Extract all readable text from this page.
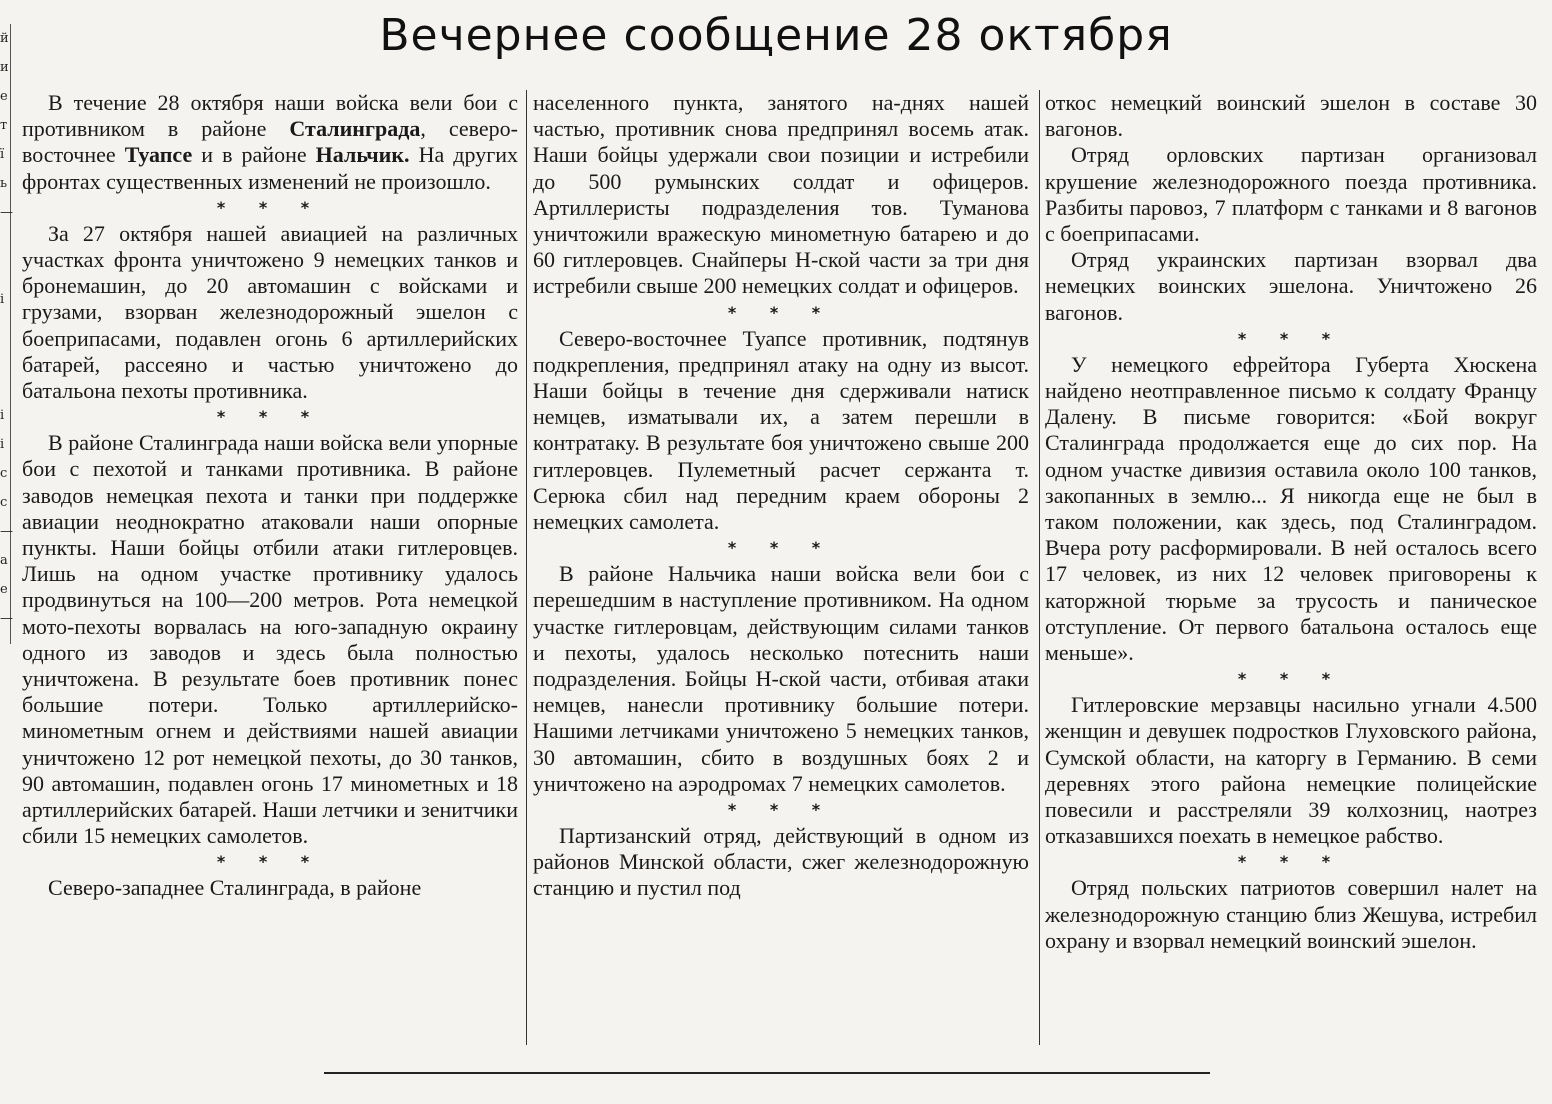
й
и
е
т
ї
ь
—

і

і
і
с
с
—
а
е
—
Вечернее сообщение 28 октября

В течение 28 октября наши войска вели бои с противником в районе Сталинграда, северо-восточнее Туапсе и в районе Нальчик. На других фронтах существенных изменений не произошло.

* * *

За 27 октября нашей авиацией на различных участках фронта уничтожено 9 немецких танков и бронемашин, до 20 автомашин с войсками и грузами, взорван железнодорожный эшелон с боеприпасами, подавлен огонь 6 артиллерийских батарей, рассеяно и частью уничтожено до батальона пехоты противника.

* * *

В районе Сталинграда наши войска вели упорные бои с пехотой и танками противника. В районе заводов немецкая пехота и танки при поддержке авиации неоднократно атаковали наши опорные пункты. Наши бойцы отбили атаки гитлеровцев. Лишь на одном участке противнику удалось продвинуться на 100—200 метров. Рота немецкой мото-пехоты ворвалась на юго-западную окраину одного из заводов и здесь была полностью уничтожена. В результате боев противник понес большие потери. Только артиллерийско-минометным огнем и действиями нашей авиации уничтожено 12 рот немецкой пехоты, до 30 танков, 90 автомашин, подавлен огонь 17 минометных и 18 артиллерийских батарей. Наши летчики и зенитчики сбили 15 немецких самолетов.

* * *

Северо-западнее Сталинграда, в районе

населенного пункта, занятого на-днях нашей частью, противник снова предпринял восемь атак. Наши бойцы удержали свои позиции и истребили до 500 румынских солдат и офицеров. Артиллеристы подразделения тов. Туманова уничтожили вражескую минометную батарею и до 60 гитлеровцев. Снайперы Н-ской части за три дня истребили свыше 200 немецких солдат и офицеров.

* * *

Северо-восточнее Туапсе противник, подтянув подкрепления, предпринял атаку на одну из высот. Наши бойцы в течение дня сдерживали натиск немцев, изматывали их, а затем перешли в контратаку. В результате боя уничтожено свыше 200 гитлеровцев. Пулеметный расчет сержанта т. Серюка сбил над передним краем обороны 2 немецких самолета.

* * *

В районе Нальчика наши войска вели бои с перешедшим в наступление противником. На одном участке гитлеровцам, действующим силами танков и пехоты, удалось несколько потеснить наши подразделения. Бойцы Н-ской части, отбивая атаки немцев, нанесли противнику большие потери. Нашими летчиками уничтожено 5 немецких танков, 30 автомашин, сбито в воздушных боях 2 и уничтожено на аэродромах 7 немецких самолетов.

* * *

Партизанский отряд, действующий в одном из районов Минской области, сжег железнодорожную станцию и пустил под

откос немецкий воинский эшелон в составе 30 вагонов.

Отряд орловских партизан организовал крушение железнодорожного поезда противника. Разбиты паровоз, 7 платформ с танками и 8 вагонов с боеприпасами.

Отряд украинских партизан взорвал два немецких воинских эшелона. Уничтожено 26 вагонов.

* * *

У немецкого ефрейтора Губерта Хюскена найдено неотправленное письмо к солдату Францу Далену. В письме говорится: «Бой вокруг Сталинграда продолжается еще до сих пор. На одном участке дивизия оставила около 100 танков, закопанных в землю... Я никогда еще не был в таком положении, как здесь, под Сталинградом. Вчера роту расформировали. В ней осталось всего 17 человек, из них 12 человек приговорены к каторжной тюрьме за трусость и паническое отступление. От первого батальона осталось еще меньше».

* * *

Гитлеровские мерзавцы насильно угнали 4.500 женщин и девушек подростков Глуховского района, Сумской области, на каторгу в Германию. В семи деревнях этого района немецкие полицейские повесили и расстреляли 39 колхозниц, наотрез отказавшихся поехать в немецкое рабство.

* * *

Отряд польских патриотов совершил налет на железнодорожную станцию близ Жешува, истребил охрану и взорвал немецкий воинский эшелон.
